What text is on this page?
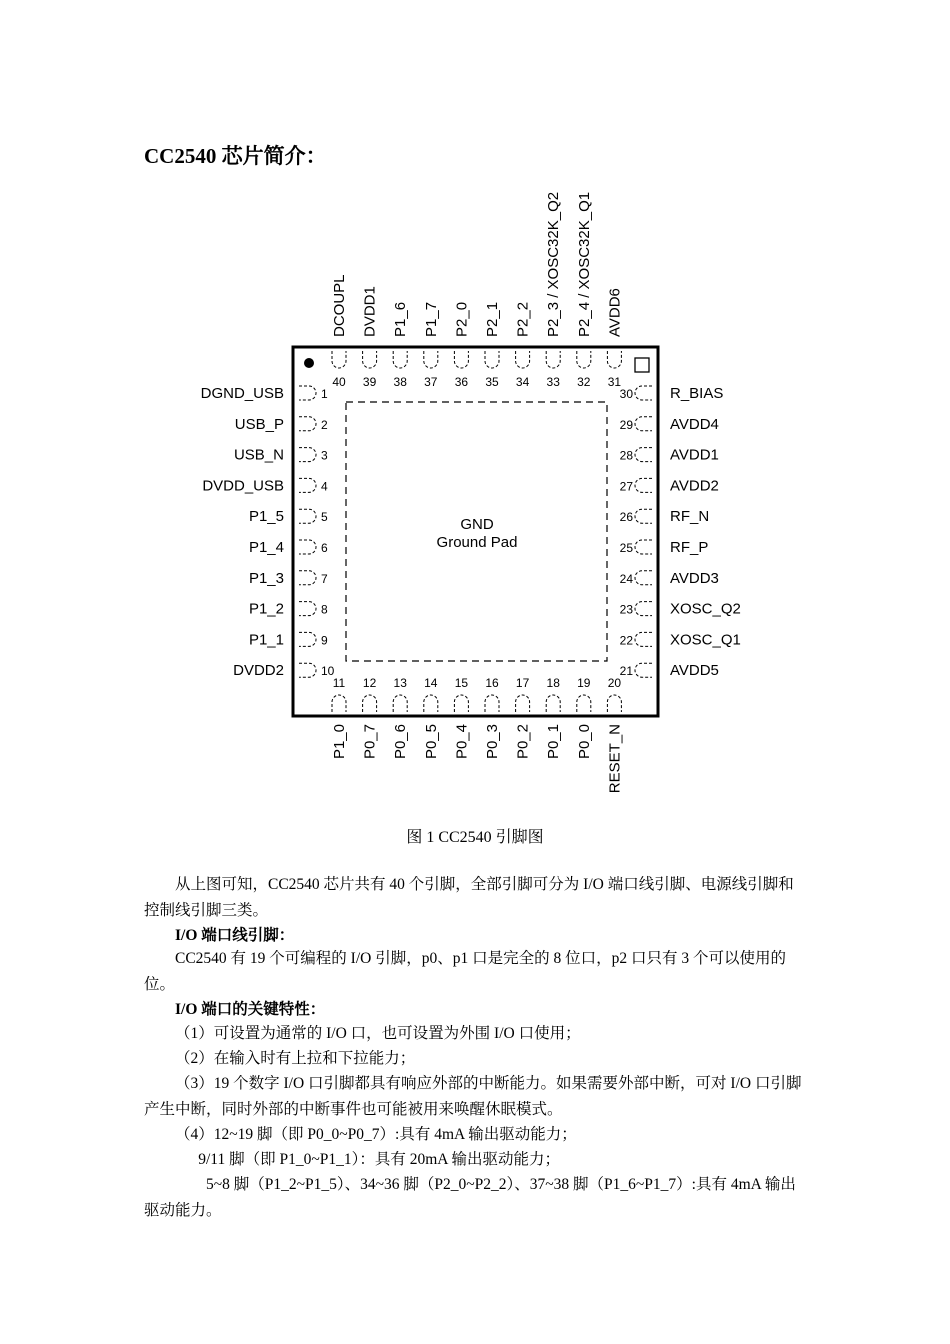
CC2540 芯片简介：
GND
Ground Pad
1
DGND_USB
2
USB_P
3
USB_N
4
DVDD_USB
5
P1_5
6
P1_4
7
P1_3
8
P1_2
9
P1_1
10
DVDD2
30 R_BIAS
29 AVDD4
28 AVDD1
27 AVDD2
26 RF_N
25 RF_P
24 AVDD3
23 XOSC_Q2
22 XOSC_Q1
21 AVDD5
40
DCOUPL
39
DVDD1
38
P1_6
37
P1_7
36
P2_0
35
P2_1
34
P2_2
33
P2_3 / XOSC32K_Q2
32
P2_4 / XOSC32K_Q1
31
AVDD6
11
P1_0
12
P0_7
13
P0_6
14
P0_5
15
P0_4
16
P0_3
17
P0_2
18
P0_1
19
P0_0
20
RESET_N
图 1 CC2540 引脚图
从上图可知，CC2540 芯片共有 40 个引脚，全部引脚可分为 I/O 端口线引脚、电源线引脚和控制线引脚三类。
I/O 端口线引脚：
CC2540 有 19 个可编程的 I/O 引脚，p0、p1 口是完全的 8 位口，p2 口只有 3 个可以使用的位。
I/O 端口的关键特性：
（1）可设置为通常的 I/O 口，也可设置为外围 I/O 口使用；
（2）在输入时有上拉和下拉能力；
（3）19 个数字 I/O 口引脚都具有响应外部的中断能力。如果需要外部中断，可对 I/O 口引脚产生中断，同时外部的中断事件也可能被用来唤醒休眠模式。
（4）12~19 脚（即 P0_0~P0_7）:具有 4mA 输出驱动能力；
9/11 脚（即 P1_0~P1_1）：具有 20mA 输出驱动能力；
5~8 脚（P1_2~P1_5）、34~36 脚（P2_0~P2_2）、37~38 脚（P1_6~P1_7）:具有 4mA 输出驱动能力。
